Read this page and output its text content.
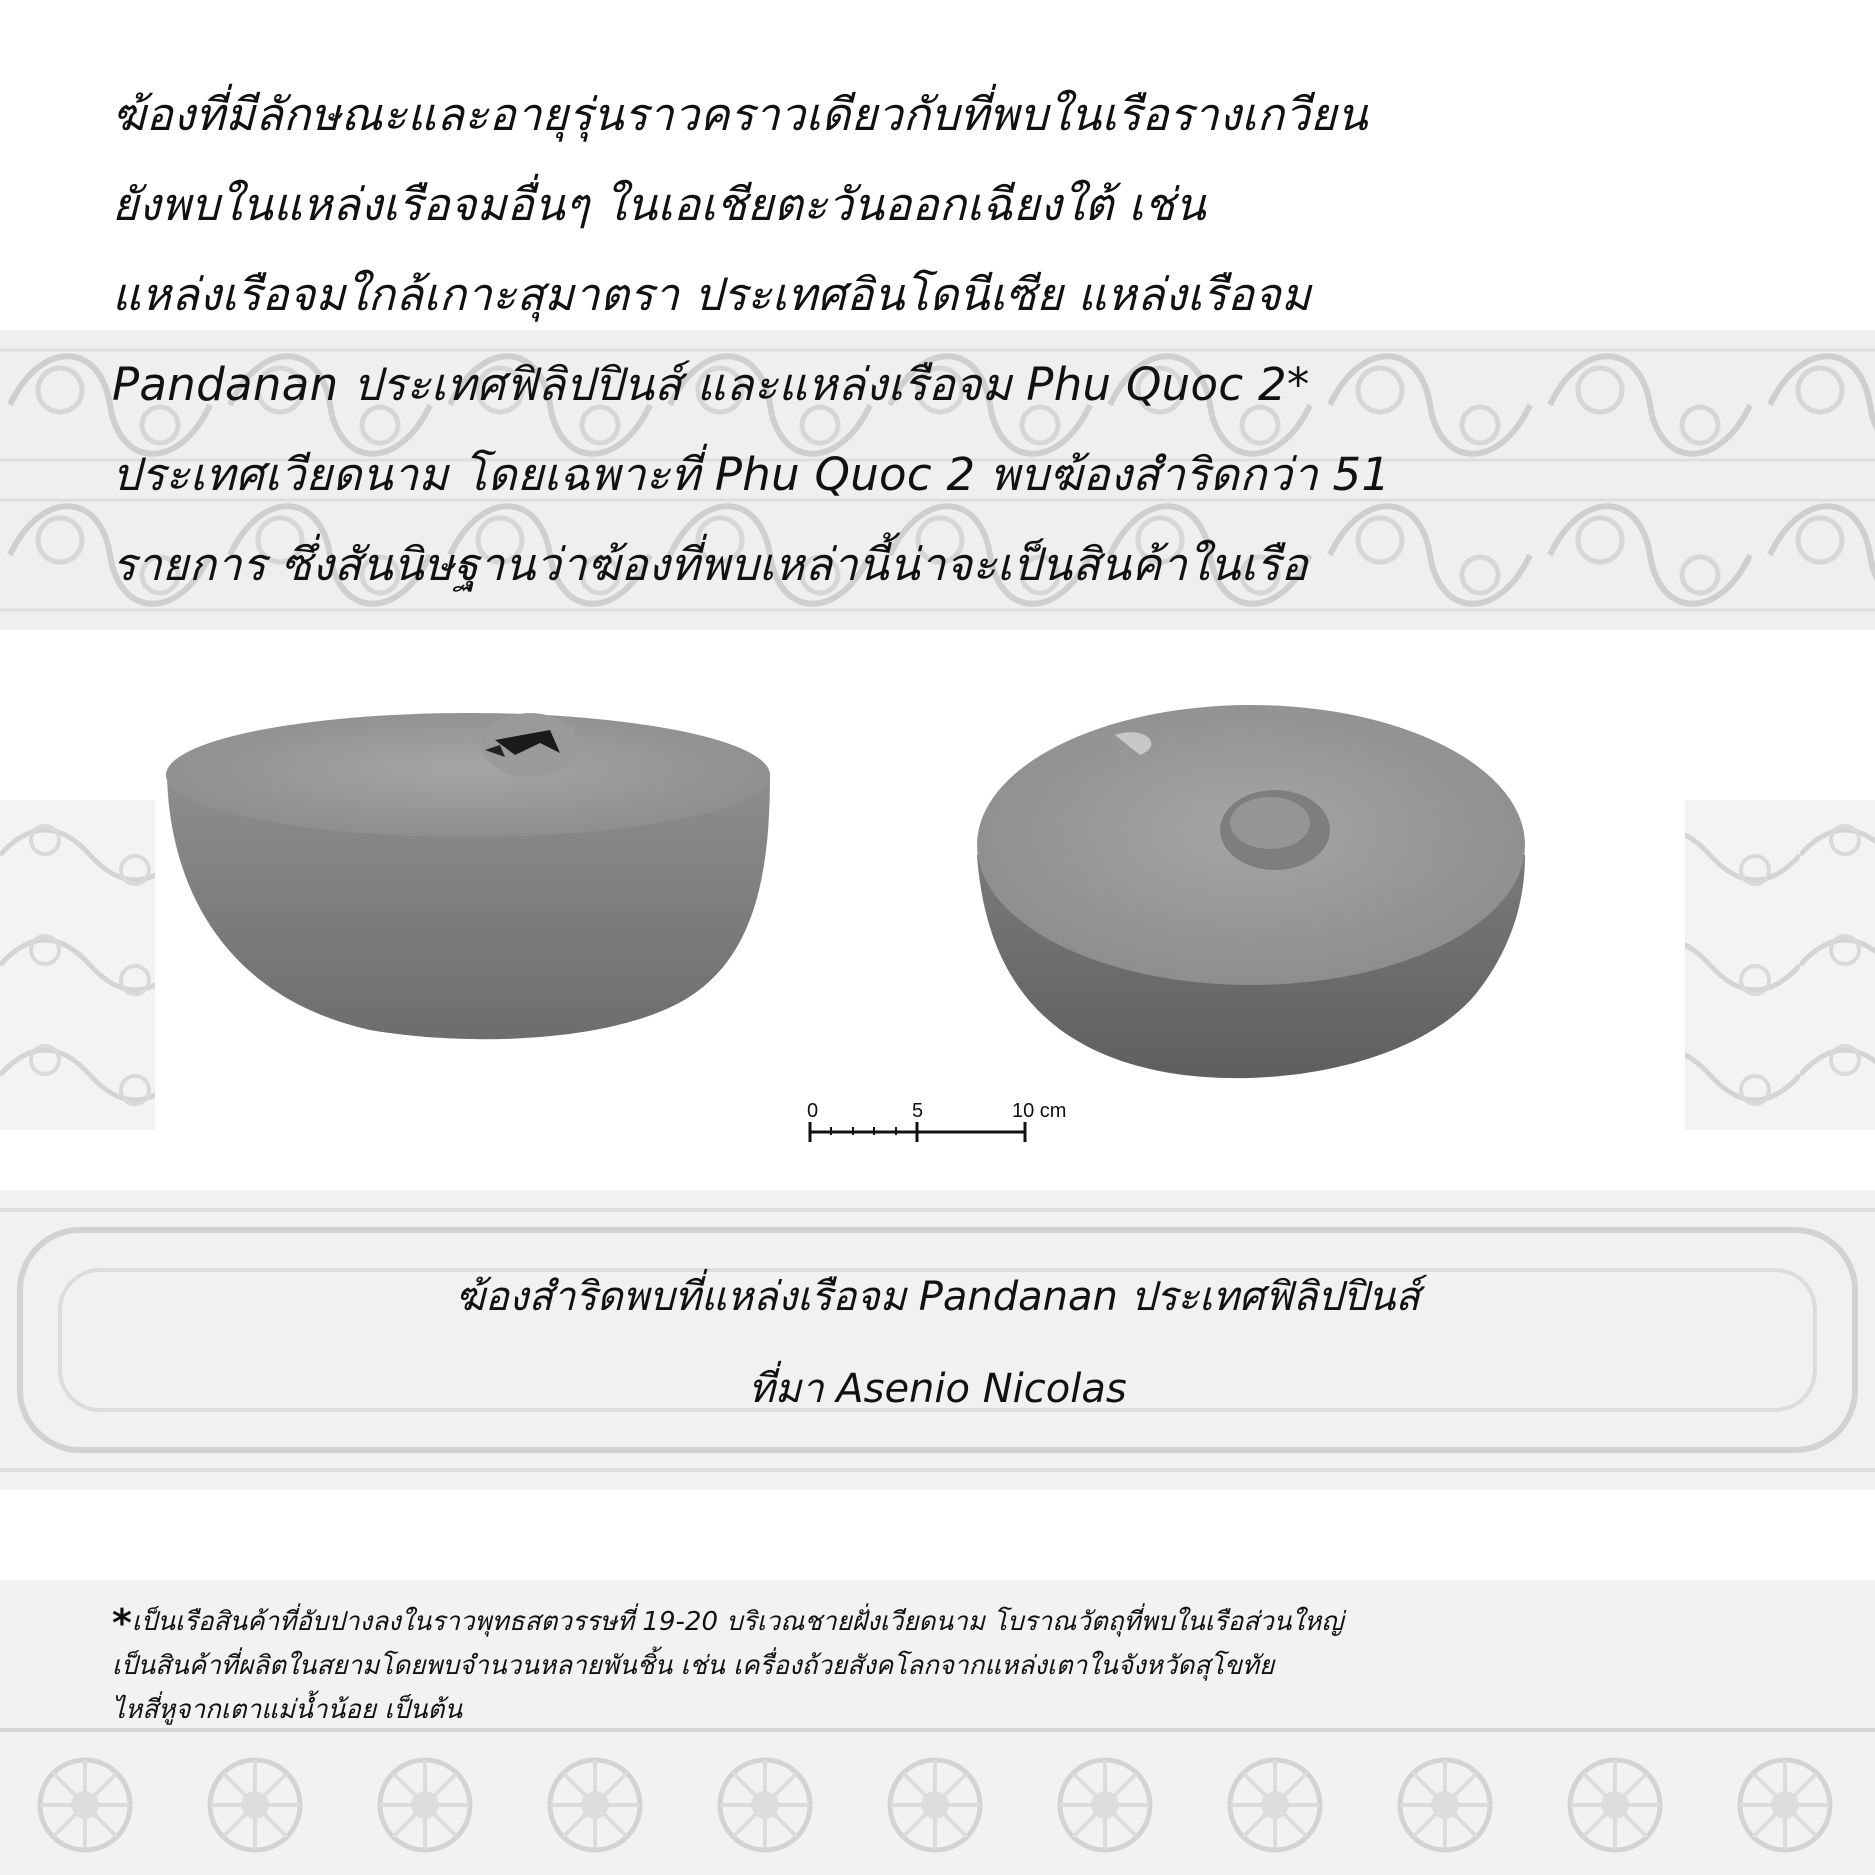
ฆ้องที่มีลักษณะและอายุรุ่นราวคราวเดียวกับที่พบในเรือรางเกวียน
ยังพบในแหล่งเรือจมอื่นๆ ในเอเชียตะวันออกเฉียงใต้ เช่น
แหล่งเรือจมใกล้เกาะสุมาตรา ประเทศอินโดนีเซีย แหล่งเรือจม
Pandanan ประเทศฟิลิปปินส์ และแหล่งเรือจม Phu Quoc 2*
ประเทศเวียดนาม โดยเฉพาะที่ Phu Quoc 2 พบฆ้องสำริดกว่า 51
รายการ ซึ่งสันนิษฐานว่าฆ้องที่พบเหล่านี้น่าจะเป็นสินค้าในเรือ
0	5	10 cm
ฆ้องสำริดพบที่แหล่งเรือจม Pandanan ประเทศฟิลิปปินส์
ที่มา Asenio Nicolas
*เป็นเรือสินค้าที่อับปางลงในราวพุทธสตวรรษที่ 19-20 บริเวณชายฝั่งเวียดนาม โบราณวัตถุที่พบในเรือส่วนใหญ่
เป็นสินค้าที่ผลิตในสยามโดยพบจำนวนหลายพันชิ้น เช่น เครื่องถ้วยสังคโลกจากแหล่งเตาในจังหวัดสุโขทัย
ไหสี่หูจากเตาแม่น้ำน้อย เป็นต้น
